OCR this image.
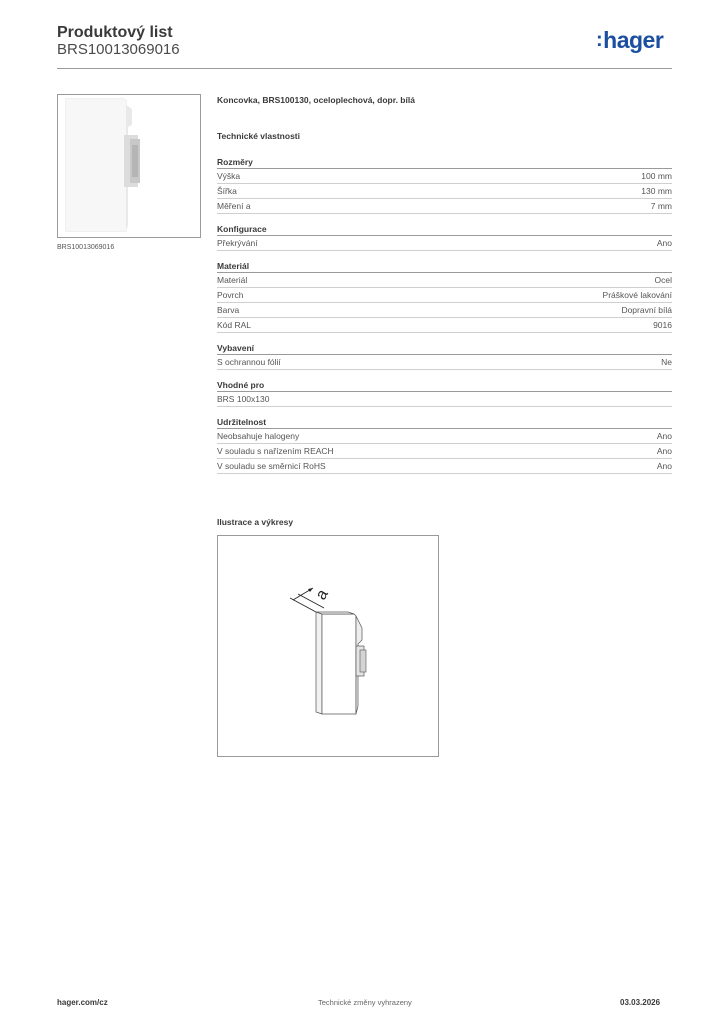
Produktový list
BRS10013069016	:hager
BRS10013069016
Koncovka, BRS100130, oceloplechová, dopr. bílá
Technické vlastnosti
Rozměry
Výška	100 mm
Šířka	130 mm
Měření a	7 mm
Konfigurace
Překrývání	Ano
Materiál
Materiál	Ocel
Povrch	Práškové lakování
Barva	Dopravní bílá
Kód RAL	9016
Vybavení
S ochrannou fólií	Ne
Vhodné pro
BRS 100x130
Udržitelnost
Neobsahuje halogeny	Ano
V souladu s nařízením REACH	Ano
V souladu se směrnicí RoHS	Ano
Ilustrace a výkresy
a
hager.com/cz	Technické změny vyhrazeny	03.03.2026
